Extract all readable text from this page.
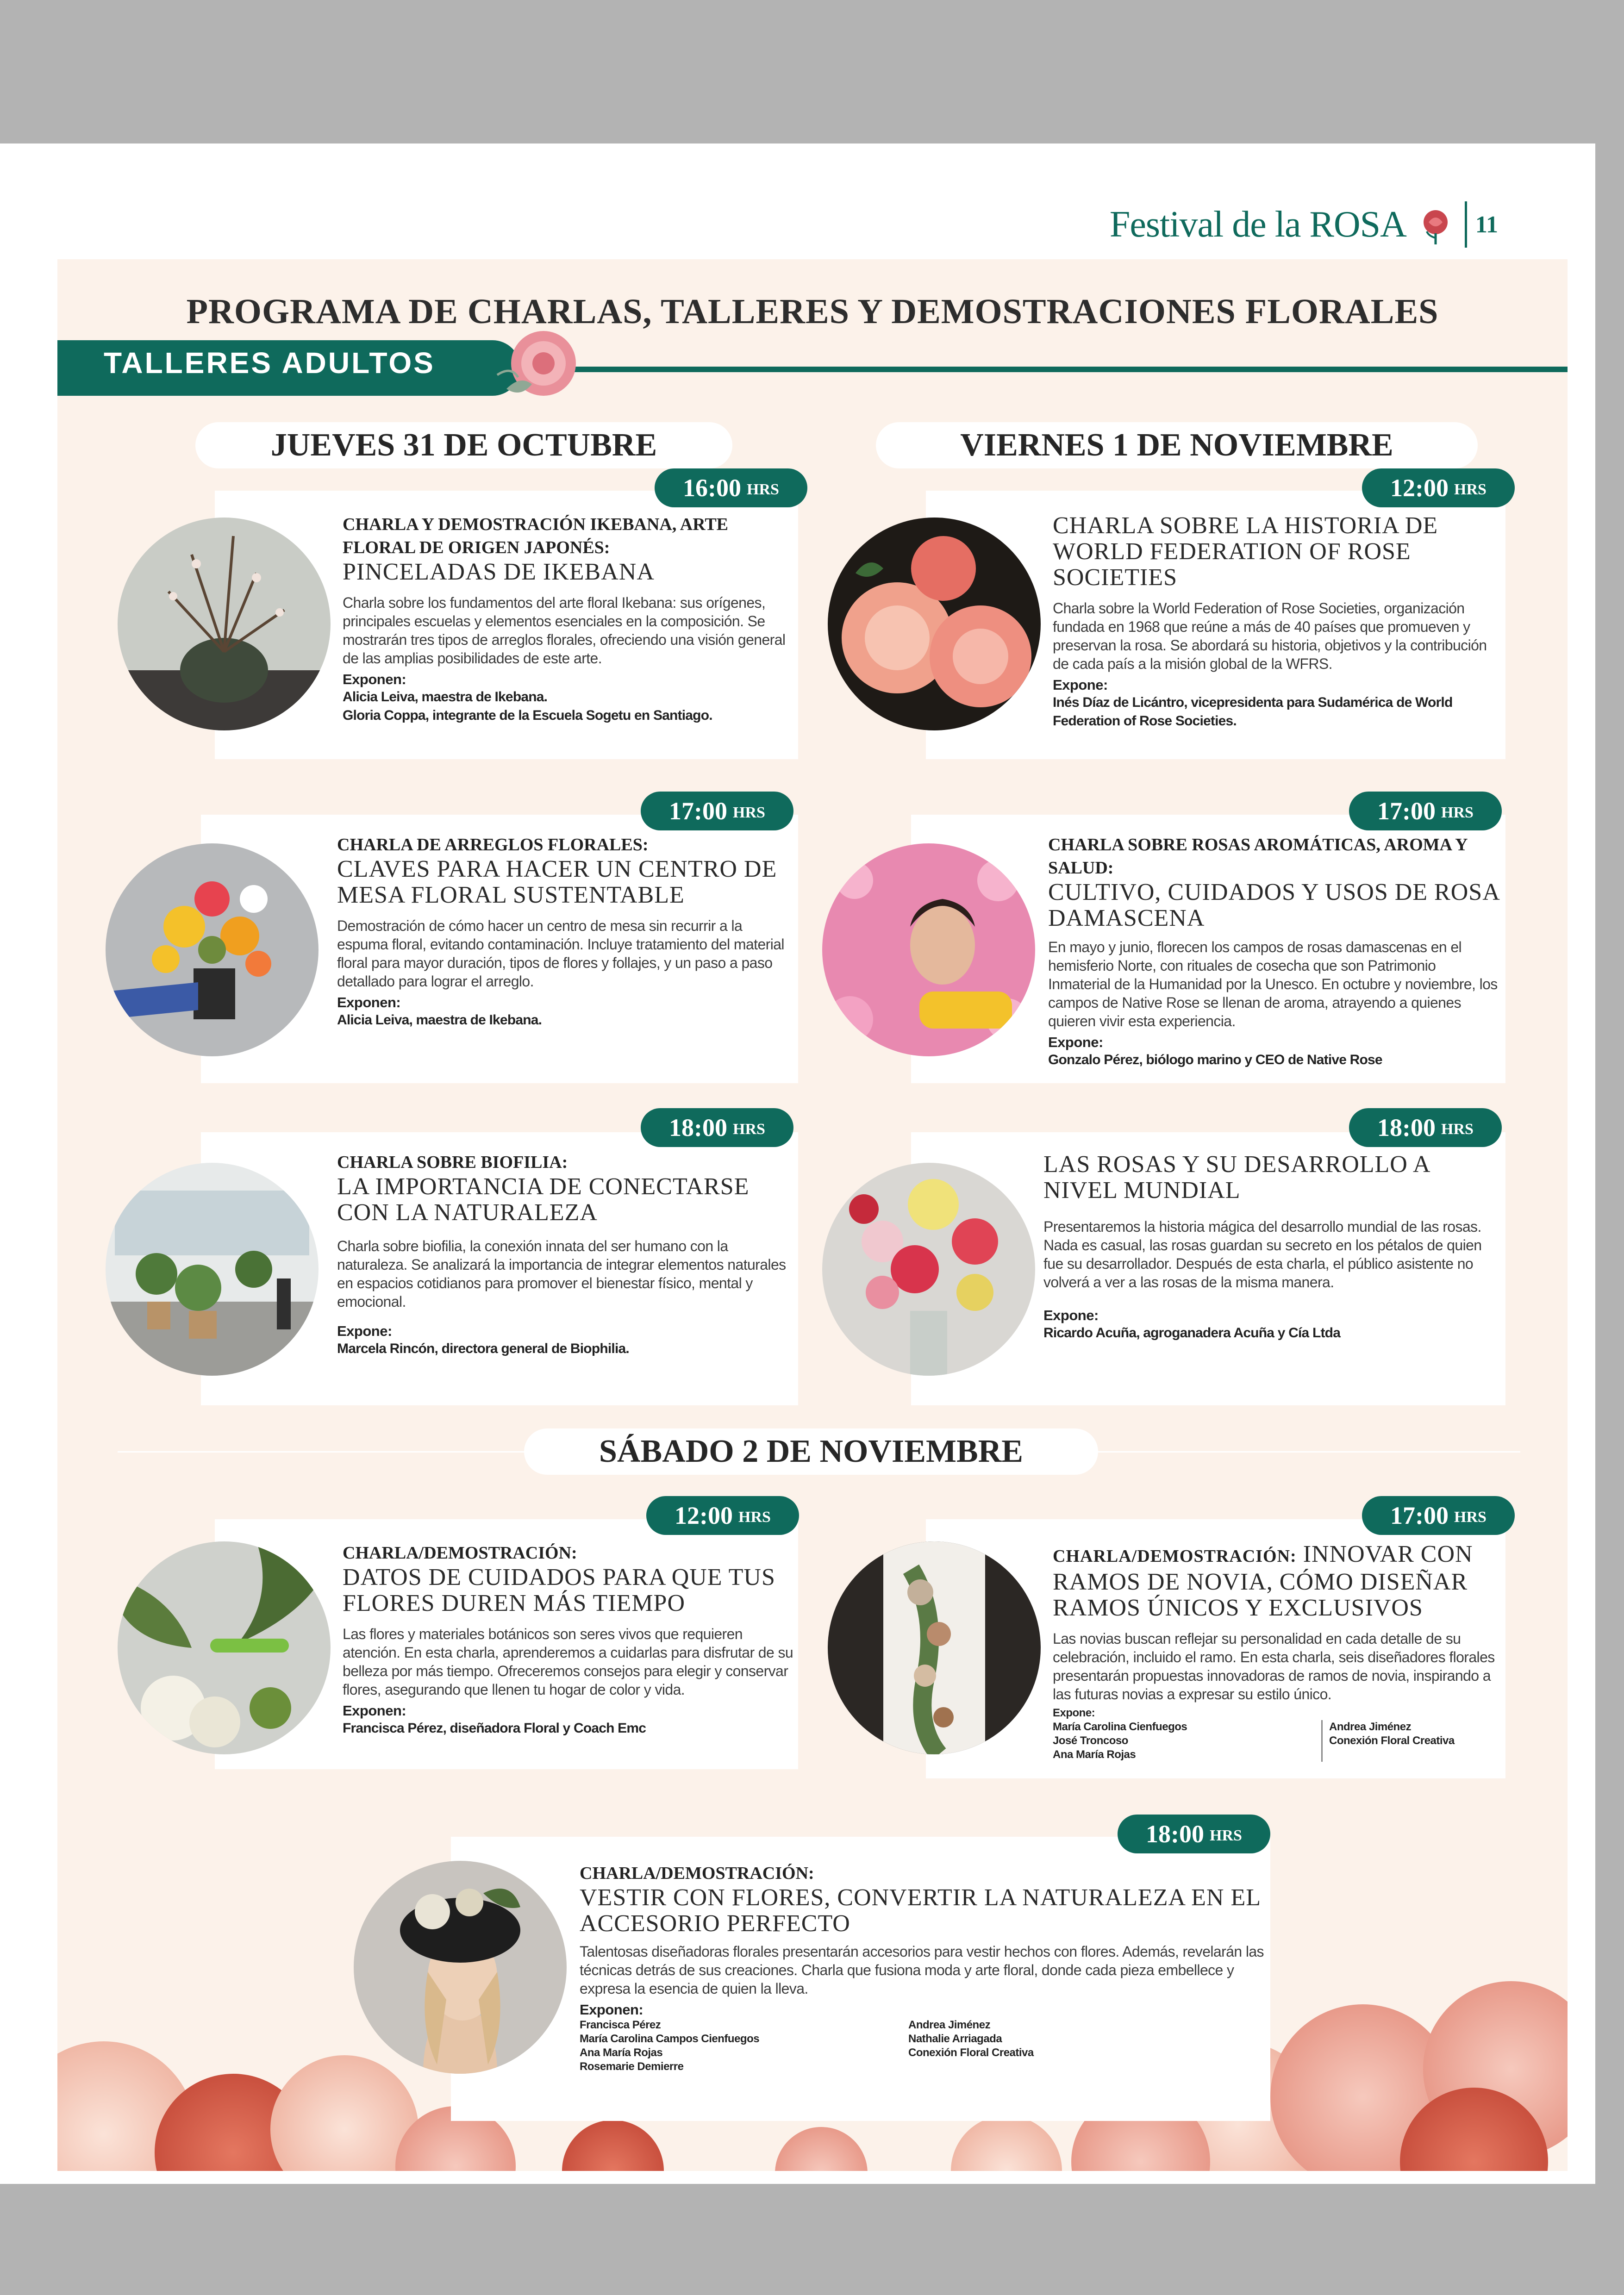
Festival de la ROSA	11
PROGRAMA DE CHARLAS, TALLERES Y DEMOSTRACIONES FLORALES
TALLERES ADULTOS
JUEVES 31 DE OCTUBRE	VIERNES 1 DE NOVIEMBRE
16:00 HRS

CHARLA Y DEMOSTRACIÓN IKEBANA, ARTE FLORAL DE ORIGEN JAPONÉS:

PINCELADAS DE IKEBANA

Charla sobre los fundamentos del arte floral Ikebana: sus orígenes, principales escuelas y elementos esenciales en la composición. Se mostrarán tres tipos de arreglos florales, ofreciendo una visión general de las amplias posibilidades de este arte.

Exponen:

Alicia Leiva, maestra de Ikebana.

Gloria Coppa, integrante de la Escuela Sogetu en Santiago.

12:00 HRS

CHARLA SOBRE LA HISTORIA DE WORLD FEDERATION OF ROSE SOCIETIES

Charla sobre la World Federation of Rose Societies, organización fundada en 1968 que reúne a más de 40 países que promueven y preservan la rosa. Se abordará su historia, objetivos y la contribución de cada país a la misión global de la WFRS.

Expone:

Inés Díaz de Licántro, vicepresidenta para Sudamérica de World Federation of Rose Societies.

17:00 HRS

CHARLA DE ARREGLOS FLORALES:

CLAVES PARA HACER UN CENTRO DE MESA FLORAL SUSTENTABLE

Demostración de cómo hacer un centro de mesa sin recurrir a la espuma floral, evitando contaminación. Incluye tratamiento del material floral para mayor duración, tipos de flores y follajes, y un paso a paso detallado para lograr el arreglo.

Exponen:

Alicia Leiva, maestra de Ikebana.

17:00 HRS

CHARLA SOBRE ROSAS AROMÁTICAS, AROMA Y SALUD:

CULTIVO, CUIDADOS Y USOS DE ROSA DAMASCENA

En mayo y junio, florecen los campos de rosas damascenas en el hemisferio Norte, con rituales de cosecha que son Patrimonio Inmaterial de la Humanidad por la Unesco. En octubre y noviembre, los campos de Native Rose se llenan de aroma, atrayendo a quienes quieren vivir esta experiencia.

Expone:

Gonzalo Pérez, biólogo marino y CEO de Native Rose

18:00 HRS

CHARLA SOBRE BIOFILIA:

LA IMPORTANCIA DE CONECTARSE CON LA NATURALEZA

Charla sobre biofilia, la conexión innata del ser humano con la naturaleza. Se analizará la importancia de integrar elementos naturales en espacios cotidianos para promover el bienestar físico, mental y emocional.

Expone:

Marcela Rincón, directora general de Biophilia.

18:00 HRS

LAS ROSAS Y SU DESARROLLO A NIVEL MUNDIAL

Presentaremos la historia mágica del desarrollo mundial de las rosas. Nada es casual, las rosas guardan su secreto en los pétalos de quien fue su desarrollador. Después de esta charla, el público asistente no volverá a ver a las rosas de la misma manera.

Expone:

Ricardo Acuña, agroganadera Acuña y Cía Ltda

SÁBADO 2 DE NOVIEMBRE
12:00 HRS

CHARLA/DEMOSTRACIÓN:

DATOS DE CUIDADOS PARA QUE TUS FLORES DUREN MÁS TIEMPO

Las flores y materiales botánicos son seres vivos que requieren atención. En esta charla, aprenderemos a cuidarlas para disfrutar de su belleza por más tiempo. Ofreceremos consejos para elegir y conservar flores, asegurando que llenen tu hogar de color y vida.

Exponen:

Francisca Pérez, diseñadora Floral y Coach Emc

17:00 HRS

CHARLA/DEMOSTRACIÓN: INNOVAR CON RAMOS DE NOVIA, CÓMO DISEÑAR RAMOS ÚNICOS Y EXCLUSIVOS

Las novias buscan reflejar su personalidad en cada detalle de su celebración, incluido el ramo. En esta charla, seis diseñadores florales presentarán propuestas innovadoras de ramos de novia, inspirando a las futuras novias a expresar su estilo único.

Expone:

María Carolina Cienfuegos

José Troncoso

Ana María Rojas

Andrea Jiménez

Conexión Floral Creativa

18:00 HRS

CHARLA/DEMOSTRACIÓN:

VESTIR CON FLORES, CONVERTIR LA NATURALEZA EN EL ACCESORIO PERFECTO

Talentosas diseñadoras florales presentarán accesorios para vestir hechos con flores. Además, revelarán las técnicas detrás de sus creaciones. Charla que fusiona moda y arte floral, donde cada pieza embellece y expresa la esencia de quien la lleva.

Exponen:

Francisca Pérez

María Carolina Campos Cienfuegos

Ana María Rojas

Rosemarie Demierre

Andrea Jiménez

Nathalie Arriagada

Conexión Floral Creativa
